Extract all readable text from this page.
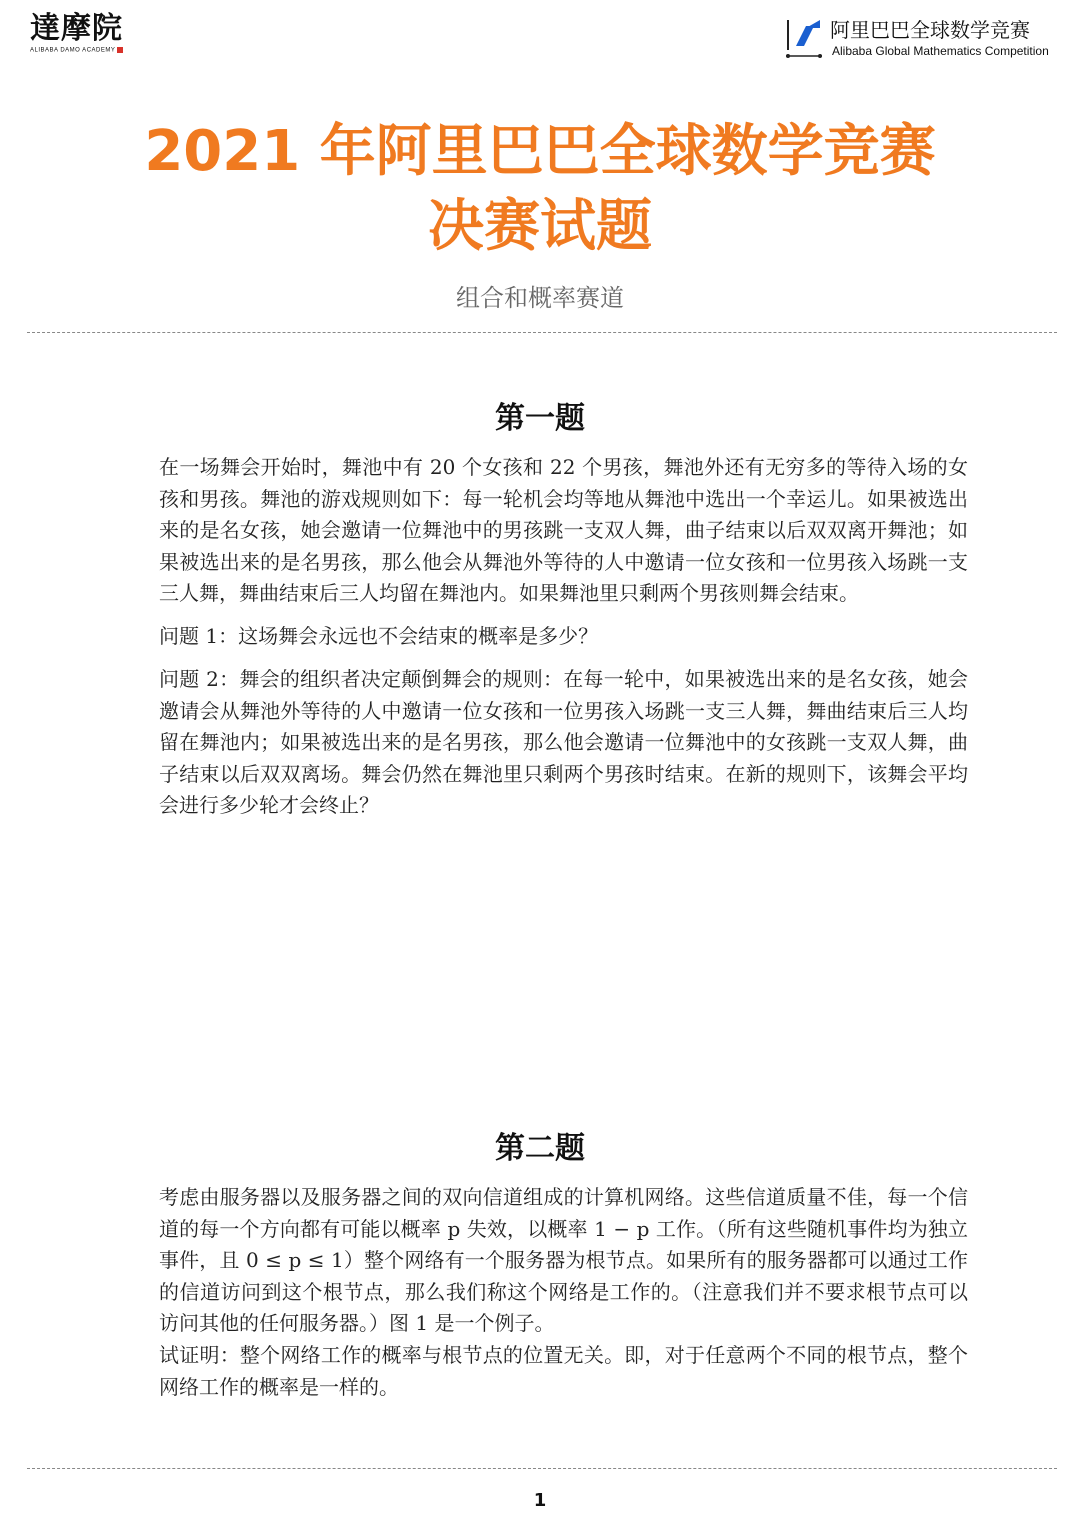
達摩院
ALIBABA DAMO ACADEMY
阿里巴巴全球数学竞赛
Alibaba Global Mathematics Competition
2021 年阿里巴巴全球数学竞赛
决赛试题
组合和概率赛道
第一题
在一场舞会开始时，舞池中有 20 个女孩和 22 个男孩，舞池外还有无穷多的等待入场的女孩和男孩。舞池的游戏规则如下：每一轮机会均等地从舞池中选出一个幸运儿。如果被选出来的是名女孩，她会邀请一位舞池中的男孩跳一支双人舞，曲子结束以后双双离开舞池；如果被选出来的是名男孩，那么他会从舞池外等待的人中邀请一位女孩和一位男孩入场跳一支三人舞，舞曲结束后三人均留在舞池内。如果舞池里只剩两个男孩则舞会结束。
问题 1：这场舞会永远也不会结束的概率是多少？
问题 2：舞会的组织者决定颠倒舞会的规则：在每一轮中，如果被选出来的是名女孩，她会邀请会从舞池外等待的人中邀请一位女孩和一位男孩入场跳一支三人舞，舞曲结束后三人均留在舞池内；如果被选出来的是名男孩，那么他会邀请一位舞池中的女孩跳一支双人舞，曲子结束以后双双离场。舞会仍然在舞池里只剩两个男孩时结束。在新的规则下，该舞会平均会进行多少轮才会终止？
第二题
考虑由服务器以及服务器之间的双向信道组成的计算机网络。这些信道质量不佳，每一个信道的每一个方向都有可能以概率 p 失效，以概率 1 − p 工作。（所有这些随机事件均为独立事件，且 0 ≤ p ≤ 1）整个网络有一个服务器为根节点。如果所有的服务器都可以通过工作的信道访问到这个根节点，那么我们称这个网络是工作的。（注意我们并不要求根节点可以访问其他的任何服务器。）图 1 是一个例子。
试证明：整个网络工作的概率与根节点的位置无关。即，对于任意两个不同的根节点，整个网络工作的概率是一样的。
1
